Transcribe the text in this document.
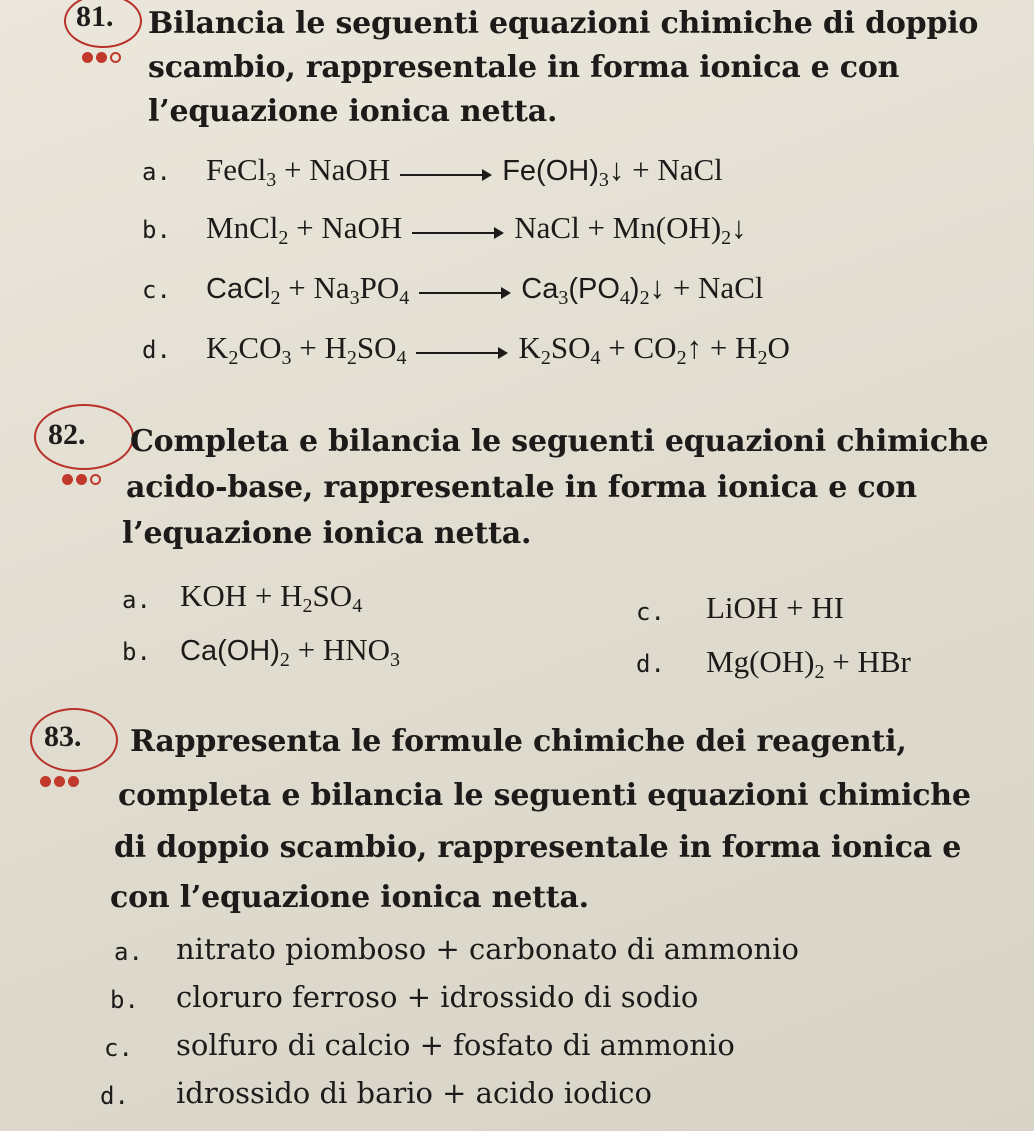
81. Bilancia le seguenti equazioni chimiche di doppio
scambio, rappresentale in forma ionica e con
l’equazione ionica netta.
a. FeCl$_3$ + NaOH	$Fe(OH)_3↓$ + NaCl
b. MnCl$_2$ + NaOH	NaCl + $Mn(OH)_2↓$
c. CaCl$_2$ + $Na_3PO_4$	$Ca_3(PO_4)_2↓$ + NaCl
d. $K_2CO_3 + H_2SO_4$	$K_2SO_4$ + $CO_2↑ + H_2O$
82. Completa e bilancia le seguenti equazioni chimiche
acido-base, rappresentale in forma ionica e con
l’equazione ionica netta.
a. KOH + $H_2SO_4$
b. $Ca(OH)_2 + HNO_3$
c. LiOH + HI
d. $Mg(OH)_2$ + HBr
83. Rappresenta le formule chimiche dei reagenti,
completa e bilancia le seguenti equazioni chimiche
di doppio scambio, rappresentale in forma ionica e
con l’equazione ionica netta.
a. nitrato piomboso + carbonato di ammonio
b. cloruro ferroso + idrossido di sodio
c. solfuro di calcio + fosfato di ammonio
d. idrossido di bario + acido iodico
